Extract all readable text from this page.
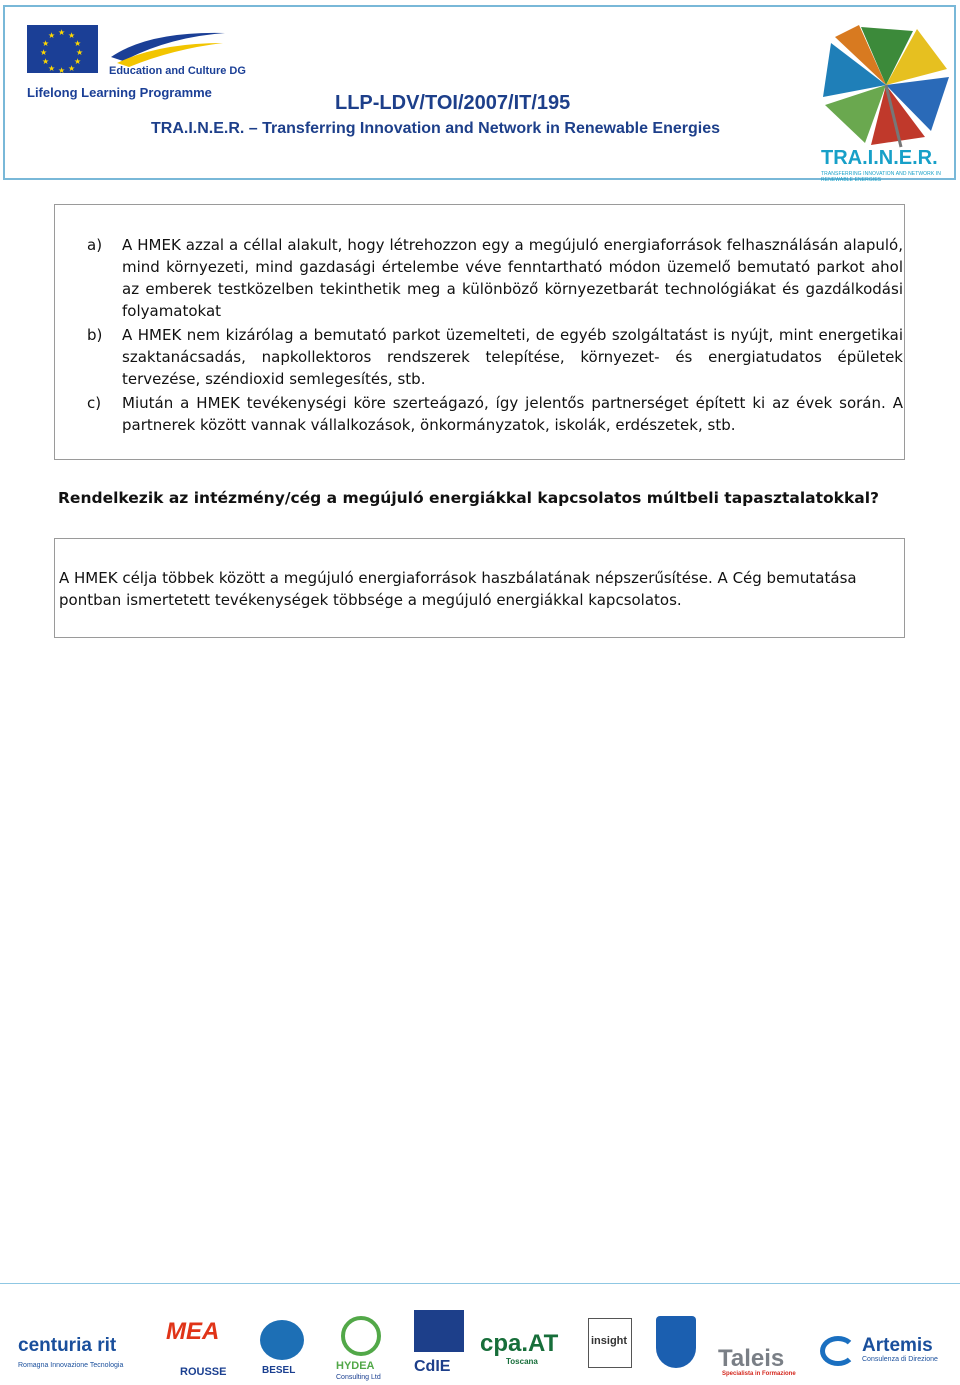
★ ★
★
★
★
★
★
★
★
★
★
★
Education and Culture DG
Lifelong Learning Programme	LLP-LDV/TOI/2007/IT/195
TRA.I.N.E.R. – Transferring Innovation and Network in Renewable Energies
TRA.I.N.E.R.
TRANSFERRING INNOVATION AND NETWORK IN RENEWABLE ENERGIES
a) A HMEK azzal a céllal alakult, hogy létrehozzon egy a megújuló energiaforrások felhasználásán alapuló, mind környezeti, mind gazdasági értelembe véve fenntartható módon üzemelő bemutató parkot ahol az emberek testközelben tekinthetik meg a különböző környezetbarát technológiákat és gazdálkodási folyamatokat
b) A HMEK nem kizárólag a bemutató parkot üzemelteti, de egyéb szolgáltatást is nyújt, mint energetikai szaktanácsadás, napkollektoros rendszerek telepítése, környezet- és energiatudatos épületek tervezése, széndioxid semlegesítés, stb.
c) Miután a HMEK tevékenységi köre szerteágazó, így jelentős partnerséget épített ki az évek során. A partnerek között vannak vállalkozások, önkormányzatok, iskolák, erdészetek, stb.
Rendelkezik az intézmény/cég a megújuló energiákkal kapcsolatos múltbeli tapasztalatokkal?

A HMEK célja többek között a megújuló energiaforrások haszbálatának népszerűsítése. A Cég bemutatása pontban ismertetett tevékenységek többsége a megújuló energiákkal kapcsolatos.

centuria rit
Romagna Innovazione Tecnologia
MEA
ROUSSE	BESEL	HYDEA
Consulting Ltd
CdIE
cpa.AT
Toscana
insight
Taleis
Specialista in Formazione
Artemis
Consulenza di Direzione
